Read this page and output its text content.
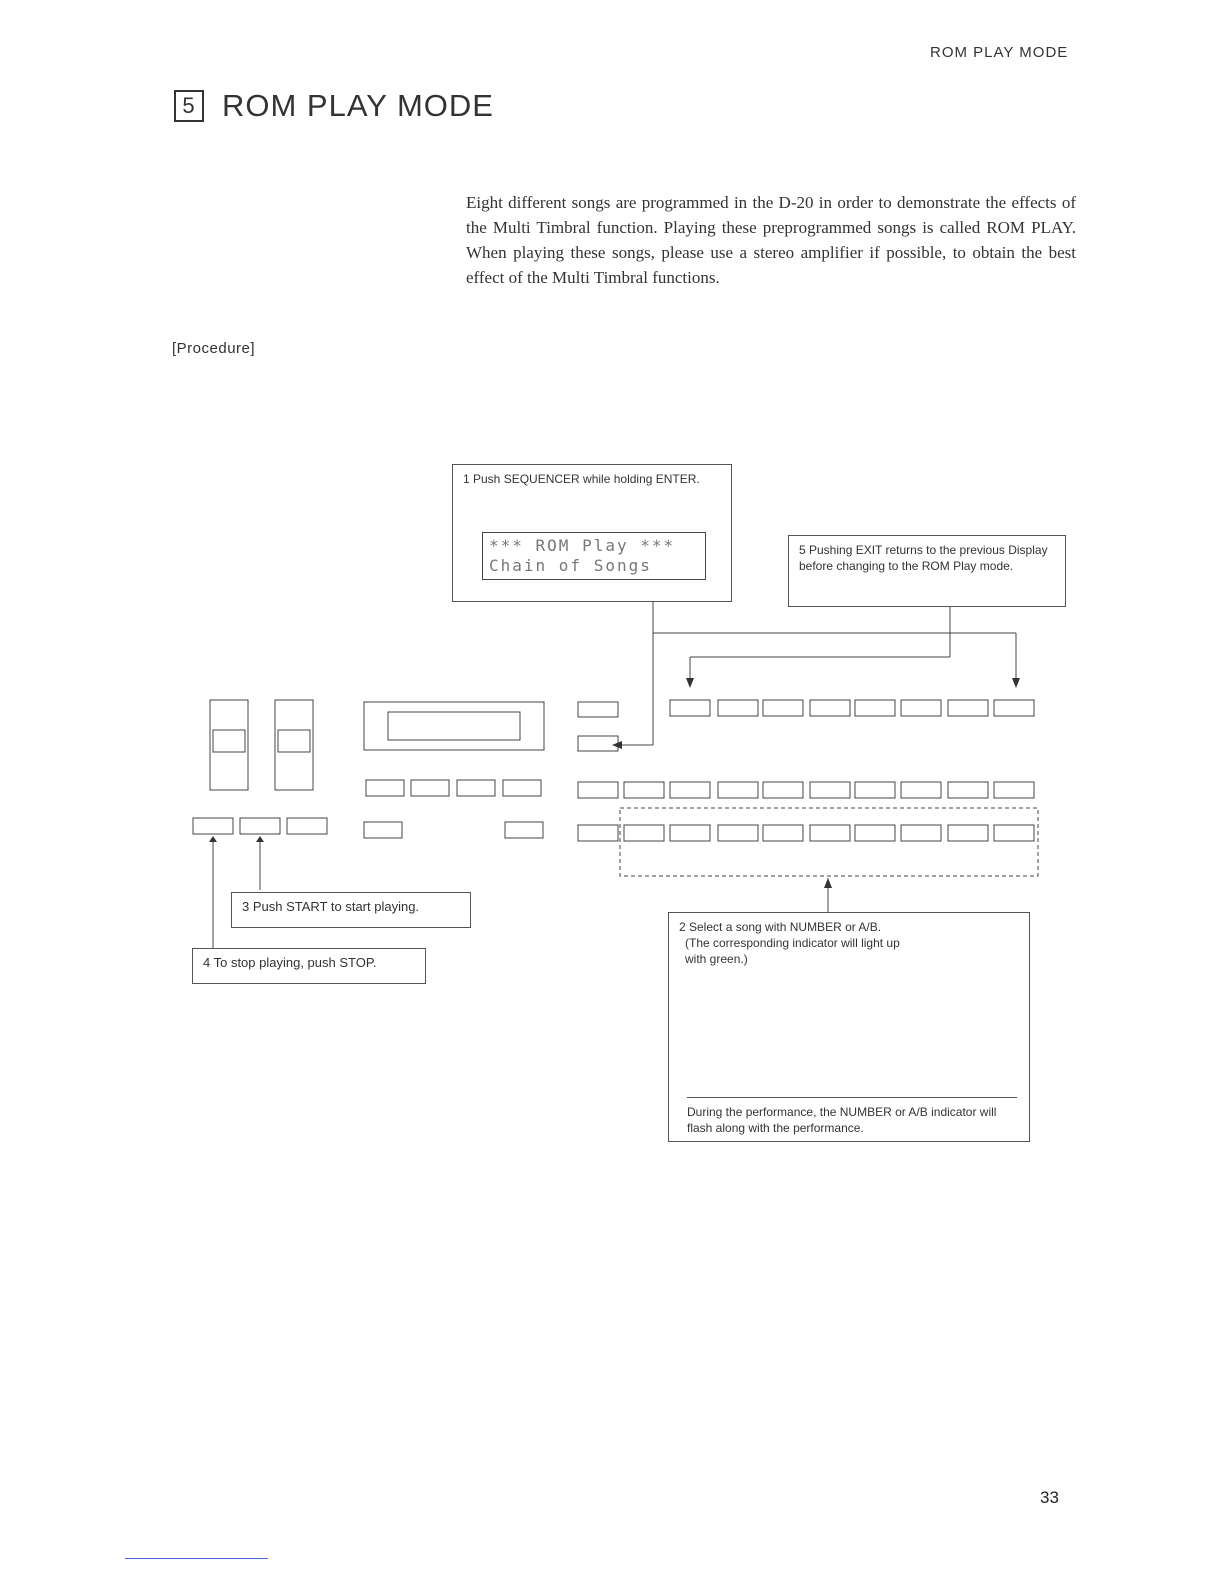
ROM PLAY MODE
5 ROM PLAY MODE
Eight different songs are programmed in the D-20 in order to demonstrate the effects of the Multi Timbral function. Playing these preprogrammed songs is called ROM PLAY. When playing these songs, please use a stereo amplifier if possible, to obtain the best effect of the Multi Timbral functions.
[Procedure]
1 Push SEQUENCER while holding ENTER.
*** ROM Play ***
Chain of Songs
5 Pushing EXIT returns to the previous Display before changing to the ROM Play mode.
3 Push START to start playing.
4 To stop playing, push STOP.
2 Select a song with NUMBER or A/B.
(The corresponding indicator will light up
with green.)
During the performance, the NUMBER or A/B indicator will flash along with the performance.
33
